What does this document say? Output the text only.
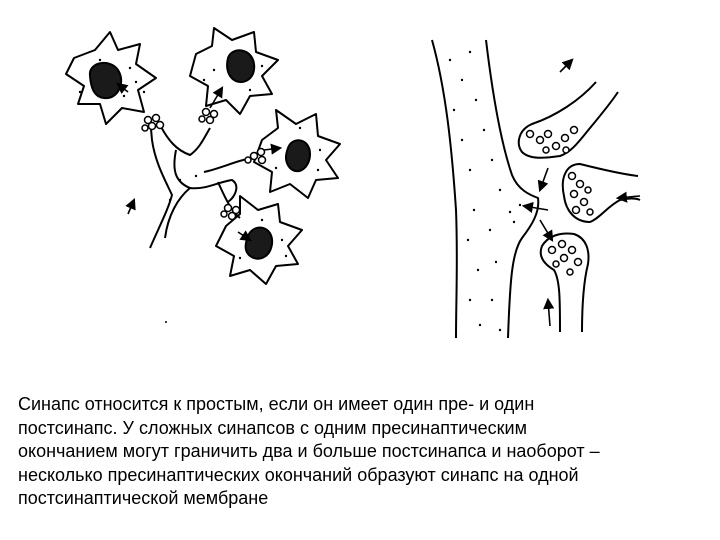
Синапс относится к простым, если он имеет один пре- и один
постсинапс. У сложных синапсов с одним пресинаптическим
окончанием могут граничить два и больше постсинапса и наоборот –
несколько пресинаптических окончаний образуют синапс на одной
постсинаптической мембране
